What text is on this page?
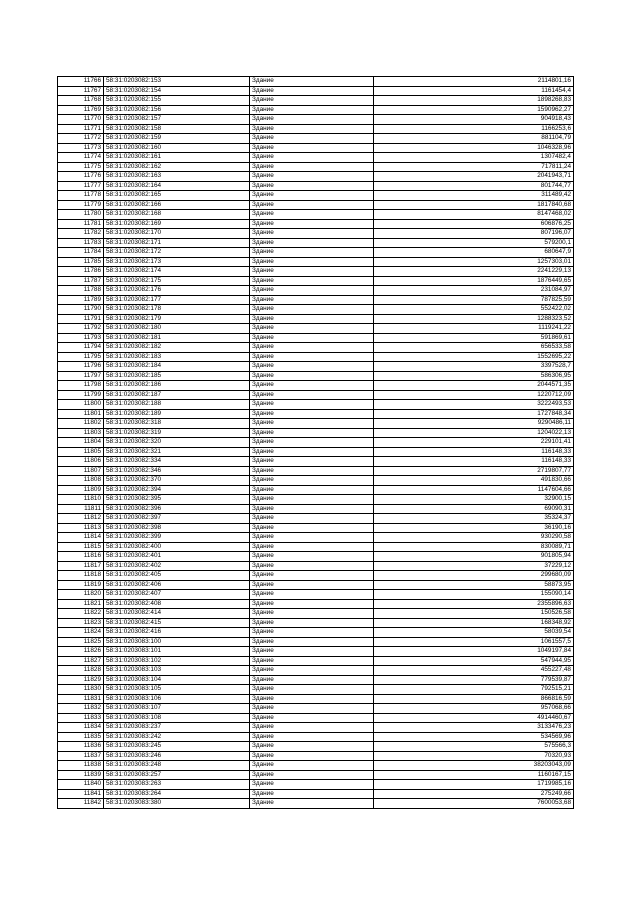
11766	58:31:0203082:153	Здание	2114801,16
11767	58:31:0203082:154	Здание	1161454,4
11768	58:31:0203082:155	Здание	1898268,83
11769	58:31:0203082:156	Здание	1590962,27
11770	58:31:0203082:157	Здание	904918,43
11771	58:31:0203082:158	Здание	1166253,6
11772	58:31:0203082:159	Здание	881104,79
11773	58:31:0203082:160	Здание	1046328,96
11774	58:31:0203082:161	Здание	1307482,4
11775	58:31:0203082:162	Здание	717811,24
11776	58:31:0203082:163	Здание	2041943,71
11777	58:31:0203082:164	Здание	801744,77
11778	58:31:0203082:165	Здание	311489,42
11779	58:31:0203082:166	Здание	1817840,68
11780	58:31:0203082:168	Здание	8147468,02
11781	58:31:0203082:169	Здание	606876,25
11782	58:31:0203082:170	Здание	807196,07
11783	58:31:0203082:171	Здание	579200,1
11784	58:31:0203082:172	Здание	680647,9
11785	58:31:0203082:173	Здание	1257303,01
11786	58:31:0203082:174	Здание	2241229,13
11787	58:31:0203082:175	Здание	1876449,65
11788	58:31:0203082:176	Здание	231084,97
11789	58:31:0203082:177	Здание	787825,59
11790	58:31:0203082:178	Здание	552422,02
11791	58:31:0203082:179	Здание	1288323,52
11792	58:31:0203082:180	Здание	1119241,22
11793	58:31:0203082:181	Здание	591869,61
11794	58:31:0203082:182	Здание	656533,58
11795	58:31:0203082:183	Здание	1552695,22
11796	58:31:0203082:184	Здание	3397528,7
11797	58:31:0203082:185	Здание	586306,95
11798	58:31:0203082:186	Здание	2044571,35
11799	58:31:0203082:187	Здание	1220712,09
11800	58:31:0203082:188	Здание	3222493,53
11801	58:31:0203082:189	Здание	1727848,34
11802	58:31:0203082:318	Здание	9290486,11
11803	58:31:0203082:319	Здание	1204022,13
11804	58:31:0203082:320	Здание	229101,41
11805	58:31:0203082:321	Здание	116148,33
11806	58:31:0203082:334	Здание	116148,33
11807	58:31:0203082:346	Здание	2719807,77
11808	58:31:0203082:370	Здание	491830,66
11809	58:31:0203082:394	Здание	1147604,66
11810	58:31:0203082:395	Здание	32900,15
11811	58:31:0203082:396	Здание	69090,31
11812	58:31:0203082:397	Здание	35324,37
11813	58:31:0203082:398	Здание	36190,16
11814	58:31:0203082:399	Здание	930290,58
11815	58:31:0203082:400	Здание	830089,71
11816	58:31:0203082:401	Здание	901805,94
11817	58:31:0203082:402	Здание	37229,12
11818	58:31:0203082:405	Здание	299680,09
11819	58:31:0203082:406	Здание	58873,95
11820	58:31:0203082:407	Здание	155090,14
11821	58:31:0203082:408	Здание	2355896,63
11822	58:31:0203082:414	Здание	150526,58
11823	58:31:0203082:415	Здание	168348,92
11824	58:31:0203082:416	Здание	58039,54
11825	58:31:0203083:100	Здание	1061557,5
11826	58:31:0203083:101	Здание	1049197,84
11827	58:31:0203083:102	Здание	547944,95
11828	58:31:0203083:103	Здание	455227,48
11829	58:31:0203083:104	Здание	779539,87
11830	58:31:0203083:105	Здание	792515,21
11831	58:31:0203083:106	Здание	866816,59
11832	58:31:0203083:107	Здание	957068,66
11833	58:31:0203083:108	Здание	4914460,67
11834	58:31:0203083:237	Здание	3133476,23
11835	58:31:0203083:242	Здание	534569,96
11836	58:31:0203083:245	Здание	575566,3
11837	58:31:0203083:246	Здание	70320,93
11838	58:31:0203083:248	Здание	38203043,09
11839	58:31:0203083:257	Здание	1160167,15
11840	58:31:0203083:263	Здание	1719985,16
11841	58:31:0203083:264	Здание	275249,66
11842	58:31:0203083:380	Здание	7600053,68
